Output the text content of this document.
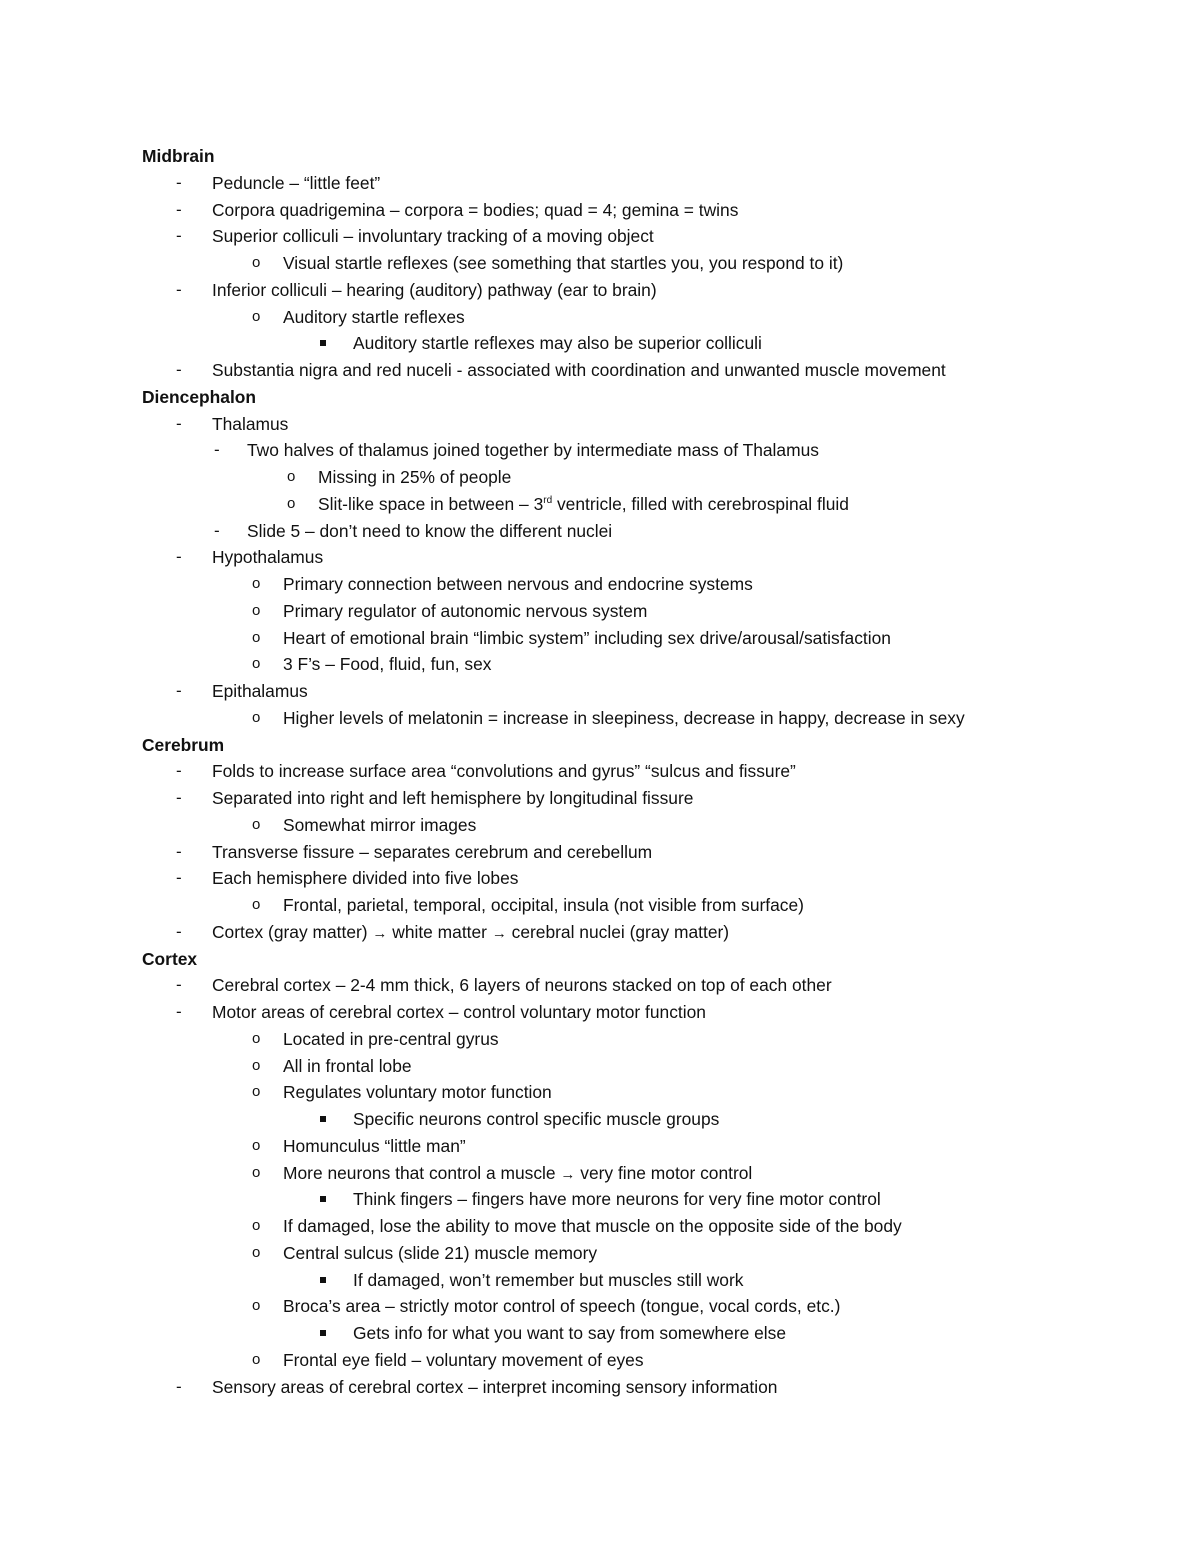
Midbrain
- Peduncle – “little feet”
- Corpora quadrigemina – corpora = bodies; quad = 4; gemina = twins
- Superior colliculi – involuntary tracking of a moving object
o Visual startle reflexes (see something that startles you, you respond to it)
- Inferior colliculi – hearing (auditory) pathway (ear to brain)
o Auditory startle reflexes
Auditory startle reflexes may also be superior colliculi
- Substantia nigra and red nuceli - associated with coordination and unwanted muscle movement
Diencephalon
- Thalamus
- Two halves of thalamus joined together by intermediate mass of Thalamus
o Missing in 25% of people
o Slit-like space in between – 3rd ventricle, filled with cerebrospinal fluid
- Slide 5 – don’t need to know the different nuclei
- Hypothalamus
o Primary connection between nervous and endocrine systems
o Primary regulator of autonomic nervous system
o Heart of emotional brain “limbic system” including sex drive/arousal/satisfaction
o 3 F’s – Food, fluid, fun, sex
- Epithalamus
o Higher levels of melatonin = increase in sleepiness, decrease in happy, decrease in sexy
Cerebrum
- Folds to increase surface area “convolutions and gyrus” “sulcus and fissure”
- Separated into right and left hemisphere by longitudinal fissure
o Somewhat mirror images
- Transverse fissure – separates cerebrum and cerebellum
- Each hemisphere divided into five lobes
o Frontal, parietal, temporal, occipital, insula (not visible from surface)
- Cortex (gray matter) → white matter → cerebral nuclei (gray matter)
Cortex
- Cerebral cortex – 2-4 mm thick, 6 layers of neurons stacked on top of each other
- Motor areas of cerebral cortex – control voluntary motor function
o Located in pre-central gyrus
o All in frontal lobe
o Regulates voluntary motor function
Specific neurons control specific muscle groups
o Homunculus “little man”
o More neurons that control a muscle → very fine motor control
Think fingers – fingers have more neurons for very fine motor control
o If damaged, lose the ability to move that muscle on the opposite side of the body
o Central sulcus (slide 21) muscle memory
If damaged, won’t remember but muscles still work
o Broca’s area – strictly motor control of speech (tongue, vocal cords, etc.)
Gets info for what you want to say from somewhere else
o Frontal eye field – voluntary movement of eyes
- Sensory areas of cerebral cortex – interpret incoming sensory information
